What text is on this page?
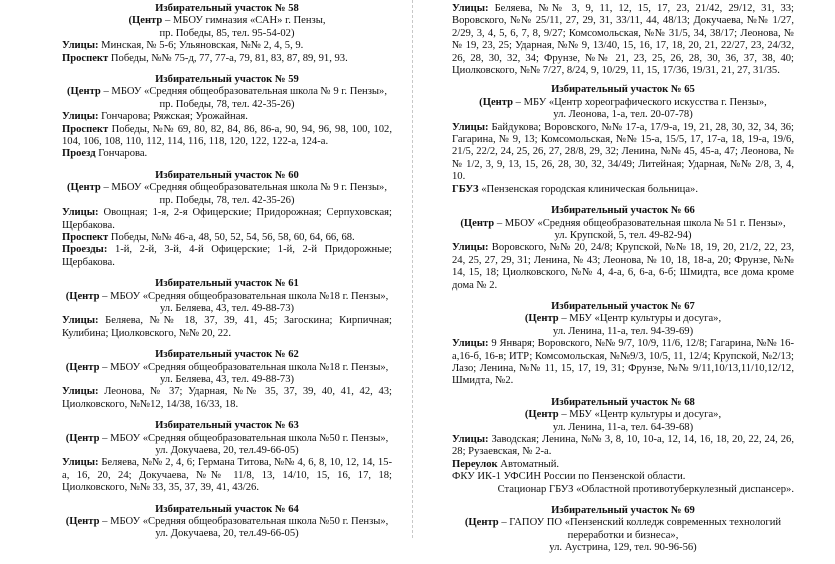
Избирательный участок № 58
(Центр – МБОУ гимназия «САН» г. Пензы,
пр. Победы, 85, тел. 95-54-02)
Улицы: Минская, № 5-6; Ульяновская, №№ 2, 4, 5, 9.
Проспект Победы, №№ 75-д, 77, 77-а, 79, 81, 83, 87, 89, 91, 93.
Избирательный участок № 59
(Центр – МБОУ «Средняя общеобразовательная школа № 9 г. Пензы»,
пр. Победы, 78, тел. 42-35-26)
Улицы: Гончарова; Ряжская; Урожайная.
Проспект Победы, №№ 69, 80, 82, 84, 86, 86-а, 90, 94, 96, 98, 100, 102, 104, 106, 108, 110, 112, 114, 116, 118, 120, 122, 122-а, 124-а.
Проезд Гончарова.
Избирательный участок № 60
(Центр – МБОУ «Средняя общеобразовательная школа № 9 г. Пензы»,
пр. Победы, 78, тел. 42-35-26)
Улицы: Овощная; 1-я, 2-я Офицерские; Придорожная; Серпуховская; Щербакова.
Проспект Победы, №№ 46-а, 48, 50, 52, 54, 56, 58, 60, 64, 66, 68.
Проезды: 1-й, 2-й, 3-й, 4-й Офицерские; 1-й, 2-й Придорожные; Щербакова.
Избирательный участок № 61
(Центр – МБОУ «Средняя общеобразовательная школа №18 г. Пензы»,
ул. Беляева, 43, тел. 49-88-73)
Улицы: Беляева, №№ 18, 37, 39, 41, 45; Загоскина; Кирпичная; Кулибина; Циолковского, №№ 20, 22.
Избирательный участок № 62
(Центр – МБОУ «Средняя общеобразовательная школа №18 г. Пензы»,
ул. Беляева, 43, тел. 49-88-73)
Улицы: Леонова, № 37; Ударная, №№ 35, 37, 39, 40, 41, 42, 43; Циолковского, №№12, 14/38, 16/33, 18.
Избирательный участок № 63
(Центр – МБОУ «Средняя общеобразовательная школа №50 г. Пензы»,
ул. Докучаева, 20, тел.49-66-05)
Улицы: Беляева, №№ 2, 4, 6; Германа Титова, №№ 4, 6, 8, 10, 12, 14, 15-а, 16, 20, 24; Докучаева, №№ 11/8, 13, 14/10, 15, 16, 17, 18; Циолковского, №№ 33, 35, 37, 39, 41, 43/26.
Избирательный участок № 64
(Центр – МБОУ «Средняя общеобразовательная школа №50 г. Пензы»,
ул. Докучаева, 20, тел.49-66-05)
Улицы: Беляева, №№ 3, 9, 11, 12, 15, 17, 23, 21/42, 29/12, 31, 33; Воровского, №№ 25/11, 27, 29, 31, 33/11, 44, 48/13; Докучаева, №№ 1/27, 2/29, 3, 4, 5, 6, 7, 8, 9/27; Комсомольская, №№ 31/5, 34, 38/17; Леонова, №№ 19, 23, 25; Ударная, №№ 9, 13/40, 15, 16, 17, 18, 20, 21, 22/27, 23, 24/32, 26, 28, 30, 32, 34; Фрунзе, №№ 21, 23, 25, 26, 28, 30, 36, 37, 38, 40; Циолковского, №№ 7/27, 8/24, 9, 10/29, 11, 15, 17/36, 19/31, 21, 27, 31/35.
Избирательный участок № 65
(Центр – МБУ «Центр хореографического искусства г. Пензы»,
ул. Леонова, 1-а, тел. 20-07-78)
Улицы: Байдукова; Воровского, №№ 17-а, 17/9-а, 19, 21, 28, 30, 32, 34, 36; Гагарина, № 9, 13; Комсомольская, №№ 15-а, 15/5, 17, 17-а, 18, 19-а, 19/6, 21/5, 22/2, 24, 25, 26, 27, 28/8, 29, 32; Ленина, №№ 45, 45-а, 47; Леонова, №№ 1/2, 3, 9, 13, 15, 26, 28, 30, 32, 34/49; Литейная; Ударная, №№ 2/8, 3, 4, 10.
ГБУЗ «Пензенская городская клиническая больница».
Избирательный участок № 66
(Центр – МБОУ «Средняя общеобразовательная школа № 51 г. Пензы»,
ул. Крупской, 5, тел. 49-82-94)
Улицы: Воровского, №№ 20, 24/8; Крупской, №№ 18, 19, 20, 21/2, 22, 23, 24, 25, 27, 29, 31; Ленина, № 43; Леонова, № 10, 18, 18-а, 20; Фрунзе, №№ 14, 15, 18; Циолковского, №№ 4, 4-а, 6, 6-а, 6-б; Шмидта, все дома кроме дома № 2.
Избирательный участок № 67
(Центр – МБУ «Центр культуры и досуга»,
ул. Ленина, 11-а, тел. 94-39-69)
Улицы: 9 Января; Воровского, №№ 9/7, 10/9, 11/6, 12/8; Гагарина, №№ 16-а,16-б, 16-в; ИТР; Комсомольская, №№9/3, 10/5, 11, 12/4; Крупской, №2/13; Лазо; Ленина, №№ 11, 15, 17, 19, 31; Фрунзе, №№ 9/11,10/13,11/10,12/12, Шмидта, №2.
Избирательный участок № 68
(Центр – МБУ «Центр культуры и досуга»,
ул. Ленина, 11-а, тел. 64-39-68)
Улицы: Заводская; Ленина, №№ 3, 8, 10, 10-а, 12, 14, 16, 18, 20, 22, 24, 26, 28; Рузаевская, № 2-а.
Переулок Автоматный.
ФКУ ИК-1 УФСИН России по Пензенской области.
Стационар ГБУЗ «Областной противотуберкулезный диспансер».
Избирательный участок № 69
(Центр – ГАПОУ ПО «Пензенский колледж современных технологий переработки и бизнеса»,
ул. Аустрина, 129, тел. 90-96-56)
